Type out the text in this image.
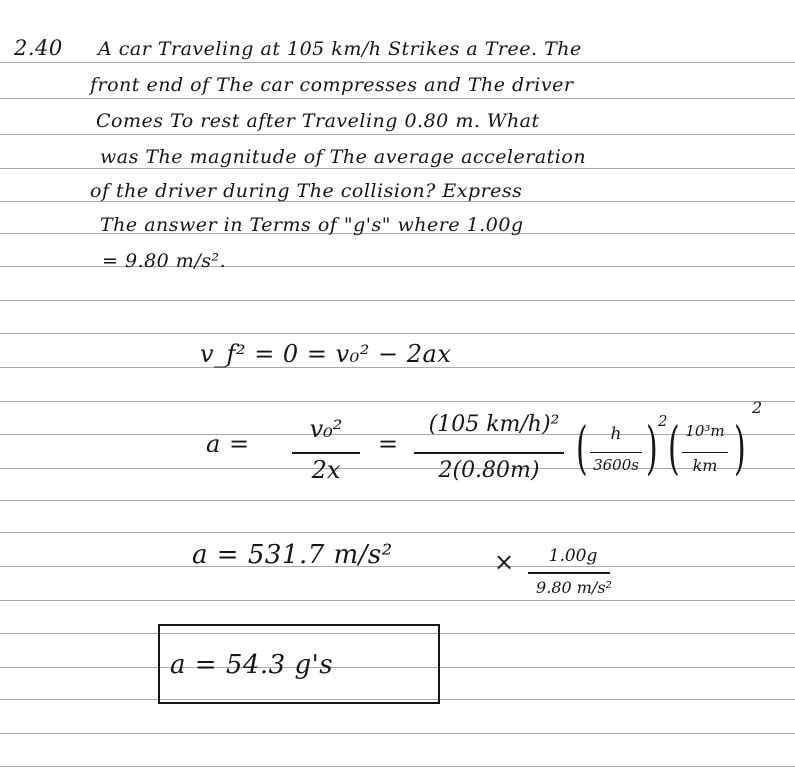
2.40 A car Traveling at 105 km/h Strikes a Tree. The
front end of The car compresses and The driver
Comes To rest after Traveling 0.80 m. What
was The magnitude of The average acceleration
of the driver during The collision? Express
The answer in Terms of "g's" where 1.00g
= 9.80 m/s².
v_f² = 0 = v₀² − 2ax
a =
v₀²
2x
=
(105 km/h)²
2(0.80m)	(	h
3600s ) 2 ( 10³m
km )
2
a = 531.7 m/s²	×	1.00g
9.80 m/s²
a = 54.3 g's
